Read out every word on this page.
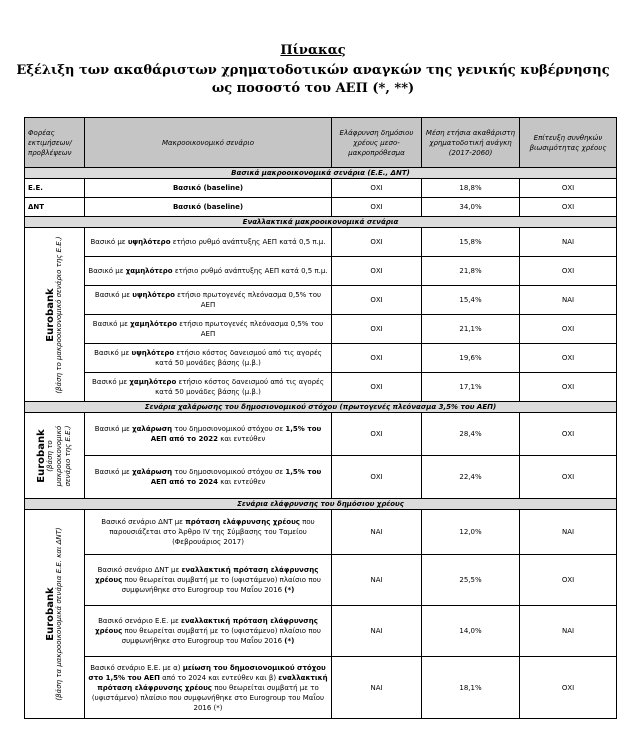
Πίνακας
Εξέλιξη των ακαθάριστων χρηματοδοτικών αναγκών της γενικής κυβέρνησης
ως ποσοστό του ΑΕΠ (*, **)
Φορέας εκτιμήσεων/ προβλέψεων	Μακροοικονομικό σενάριο	Ελάφρυνση δημόσιου χρέους μεσο-μακροπρόθεσμα	Μέση ετήσια ακαθάριστη χρηματοδοτική ανάγκη (2017-2060)	Επίτευξη συνθηκών βιωσιμότητας χρέους
Βασικά μακροοικονομικά σενάρια (Ε.Ε., ΔΝΤ)				
Ε.Ε.	Βασικό (baseline)	ΟΧΙ	18,8%	ΟΧΙ
ΔΝΤ	Βασικό (baseline)	ΟΧΙ	34,0%	ΟΧΙ
Εναλλακτικά μακροοικονομικά σενάρια				

Eurobank (βάση το μακροοικονομικό σενάριο της Ε.Ε.)	Βασικό με υψηλότερο ετήσιο ρυθμό ανάπτυξης ΑΕΠ κατά 0,5 π.μ.	ΟΧΙ	15,8%	ΝΑΙ
	Βασικό με χαμηλότερο ετήσιο ρυθμό ανάπτυξης ΑΕΠ κατά 0,5 π.μ.	ΟΧΙ	21,8%	ΟΧΙ
	Βασικό με υψηλότερο ετήσιο πρωτογενές πλεόνασμα 0,5% του ΑΕΠ	ΟΧΙ	15,4%	ΝΑΙ
	Βασικό με χαμηλότερο ετήσιο πρωτογενές πλεόνασμα 0,5% του ΑΕΠ	ΟΧΙ	21,1%	ΟΧΙ
	Βασικό με υψηλότερο ετήσιο κόστος δανεισμού από τις αγορές κατά 50 μονάδες βάσης (μ.β.)	ΟΧΙ	19,6%	ΟΧΙ
	Βασικό με χαμηλότερο ετήσιο κόστος δανεισμού από τις αγορές κατά 50 μονάδες βάσης (μ.β.)	ΟΧΙ	17,1%	ΟΧΙ
Σενάρια χαλάρωσης του δημοσιονομικού στόχου (πρωτογενές πλεόνασμα 3,5% του ΑΕΠ)				

Eurobank (βάση το μακροοικονομικό σενάριο της Ε.Ε.)	Βασικό με χαλάρωση του δημοσιονομικού στόχου σε 1,5% του ΑΕΠ από το 2022 και εντεύθεν	ΟΧΙ	28,4%	ΟΧΙ
	Βασικό με χαλάρωση του δημοσιονομικού στόχου σε 1,5% του ΑΕΠ από το 2024 και εντεύθεν	ΟΧΙ	22,4%	ΟΧΙ
Σενάρια ελάφρυνσης του δημόσιου χρέους				

Eurobank (βάση τα μακροοικονομικά σενάρια Ε.Ε. και ΔΝΤ)	Βασικό σενάριο ΔΝΤ με πρόταση ελάφρυνσης χρέους που παρουσιάζεται στο Άρθρο IV της Σύμβασης του Ταμείου (Φεβρουάριος 2017)	ΝΑΙ	12,0%	ΝΑΙ
	Βασικό σενάριο ΔΝΤ με εναλλακτική πρόταση ελάφρυνσης χρέους που θεωρείται συμβατή με το (υφιστάμενο) πλαίσιο που συμφωνήθηκε στο Eurogroup του Μαΐου 2016 (*)	ΝΑΙ	25,5%	ΟΧΙ
	Βασικό σενάριο Ε.Ε. με εναλλακτική πρόταση ελάφρυνσης χρέους που θεωρείται συμβατή με το (υφιστάμενο) πλαίσιο που συμφωνήθηκε στο Eurogroup του Μαΐου 2016 (*)	ΝΑΙ	14,0%	ΝΑΙ
	Βασικό σενάριο Ε.Ε. με α) μείωση του δημοσιονομικού στόχου στο 1,5% του ΑΕΠ από το 2024 και εντεύθεν και β) εναλλακτική πρόταση ελάφρυνσης χρέους που θεωρείται συμβατή με το (υφιστάμενο) πλαίσιο που συμφωνήθηκε στο Eurogroup του Μαΐου 2016 (*)	ΝΑΙ	18,1%	ΟΧΙ
